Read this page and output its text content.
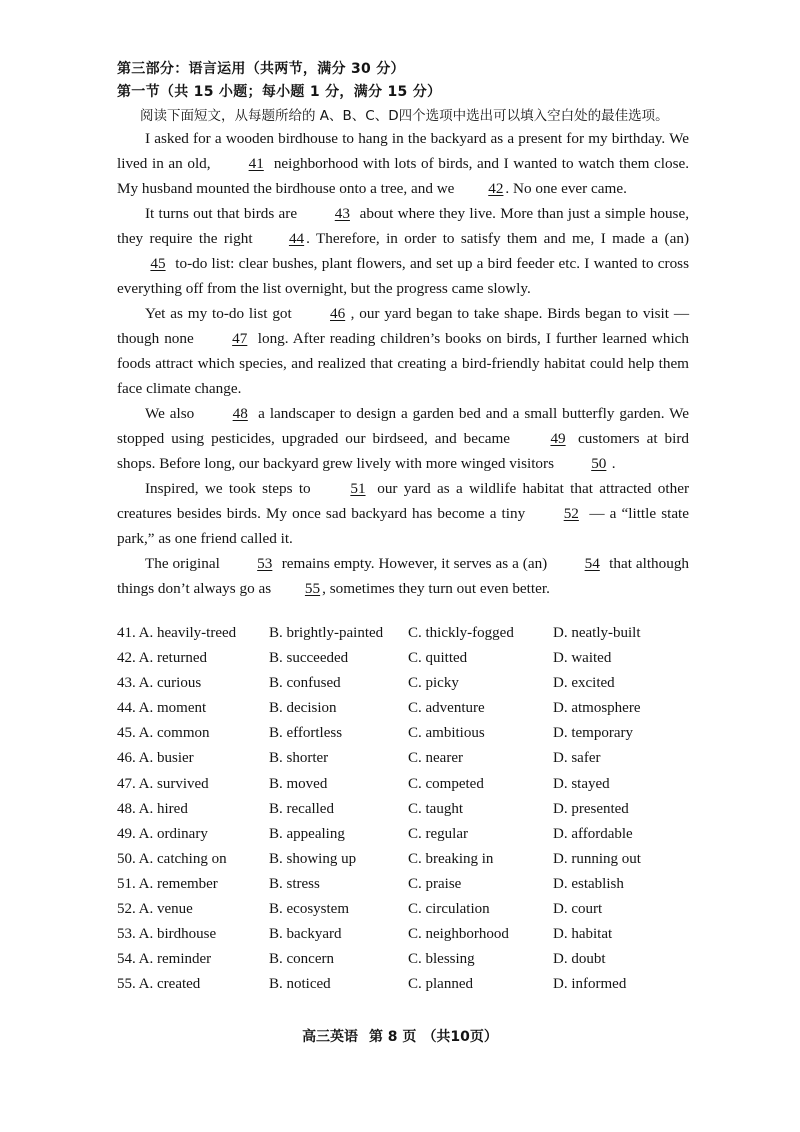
第三部分：语言运用（共两节，满分 30 分）
第一节（共 15 小题；每小题 1 分，满分 15 分）
阅读下面短文，从每题所给的 A、B、C、D四个选项中选出可以填入空白处的最佳选项。

I asked for a wooden birdhouse to hang in the backyard as a present for my birthday. We lived in an old,	41 neighborhood with lots of birds, and I wanted to watch them close. My husband mounted the birdhouse onto a tree, and we 42 . No one ever came.

It turns out that birds are 43 about where they live. More than just a simple house, they require the right 44 . Therefore, in order to satisfy them and me, I made a (an) 45 to-do list: clear bushes, plant flowers, and set up a bird feeder etc. I wanted to cross everything off from the list overnight, but the progress came slowly.

Yet as my to-do list got	46 , our yard began to take shape. Birds began to visit — though none	47 long. After reading children’s books on birds, I further learned which foods attract which species, and realized that creating a bird-friendly habitat could help them face climate change.

We also	48 a landscaper to design a garden bed and a small butterfly garden. We stopped using pesticides, upgraded our birdseed, and became	49 customers at bird shops. Before long, our backyard grew lively with more winged visitors 50 .

Inspired, we took steps to	51 our yard as a wildlife habitat that attracted other creatures besides birds. My once sad backyard has become a tiny	52 — a “little state park,” as one friend called it.

The original 53 remains empty. However, it serves as a (an) 54 that although things don’t always go as 55 , sometimes they turn out even better.

41. A. heavily-treed B. brightly-painted C. thickly-fogged	D. neatly-built
42. A. returned	B. succeeded	C. quitted	D. waited
43. A. curious	B. confused	C. picky	D. excited
44. A. moment	B. decision	C. adventure	D. atmosphere
45. A. common	B. effortless	C. ambitious	D. temporary
46. A. busier	B. shorter	C. nearer	D. safer
47. A. survived	B. moved	C. competed	D. stayed
48. A. hired	B. recalled	C. taught	D. presented
49. A. ordinary	B. appealing	C. regular	D. affordable
50. A. catching on	B. showing up	C. breaking in	D. running out
51. A. remember	B. stress	C. praise	D. establish
52. A. venue	B. ecosystem	C. circulation	D. court
53. A. birdhouse	B. backyard	C. neighborhood	D. habitat
54. A. reminder	B. concern	C. blessing	D. doubt
55. A. created	B. noticed	C. planned	D. informed
高三英语 第 8 页 （共10页）
